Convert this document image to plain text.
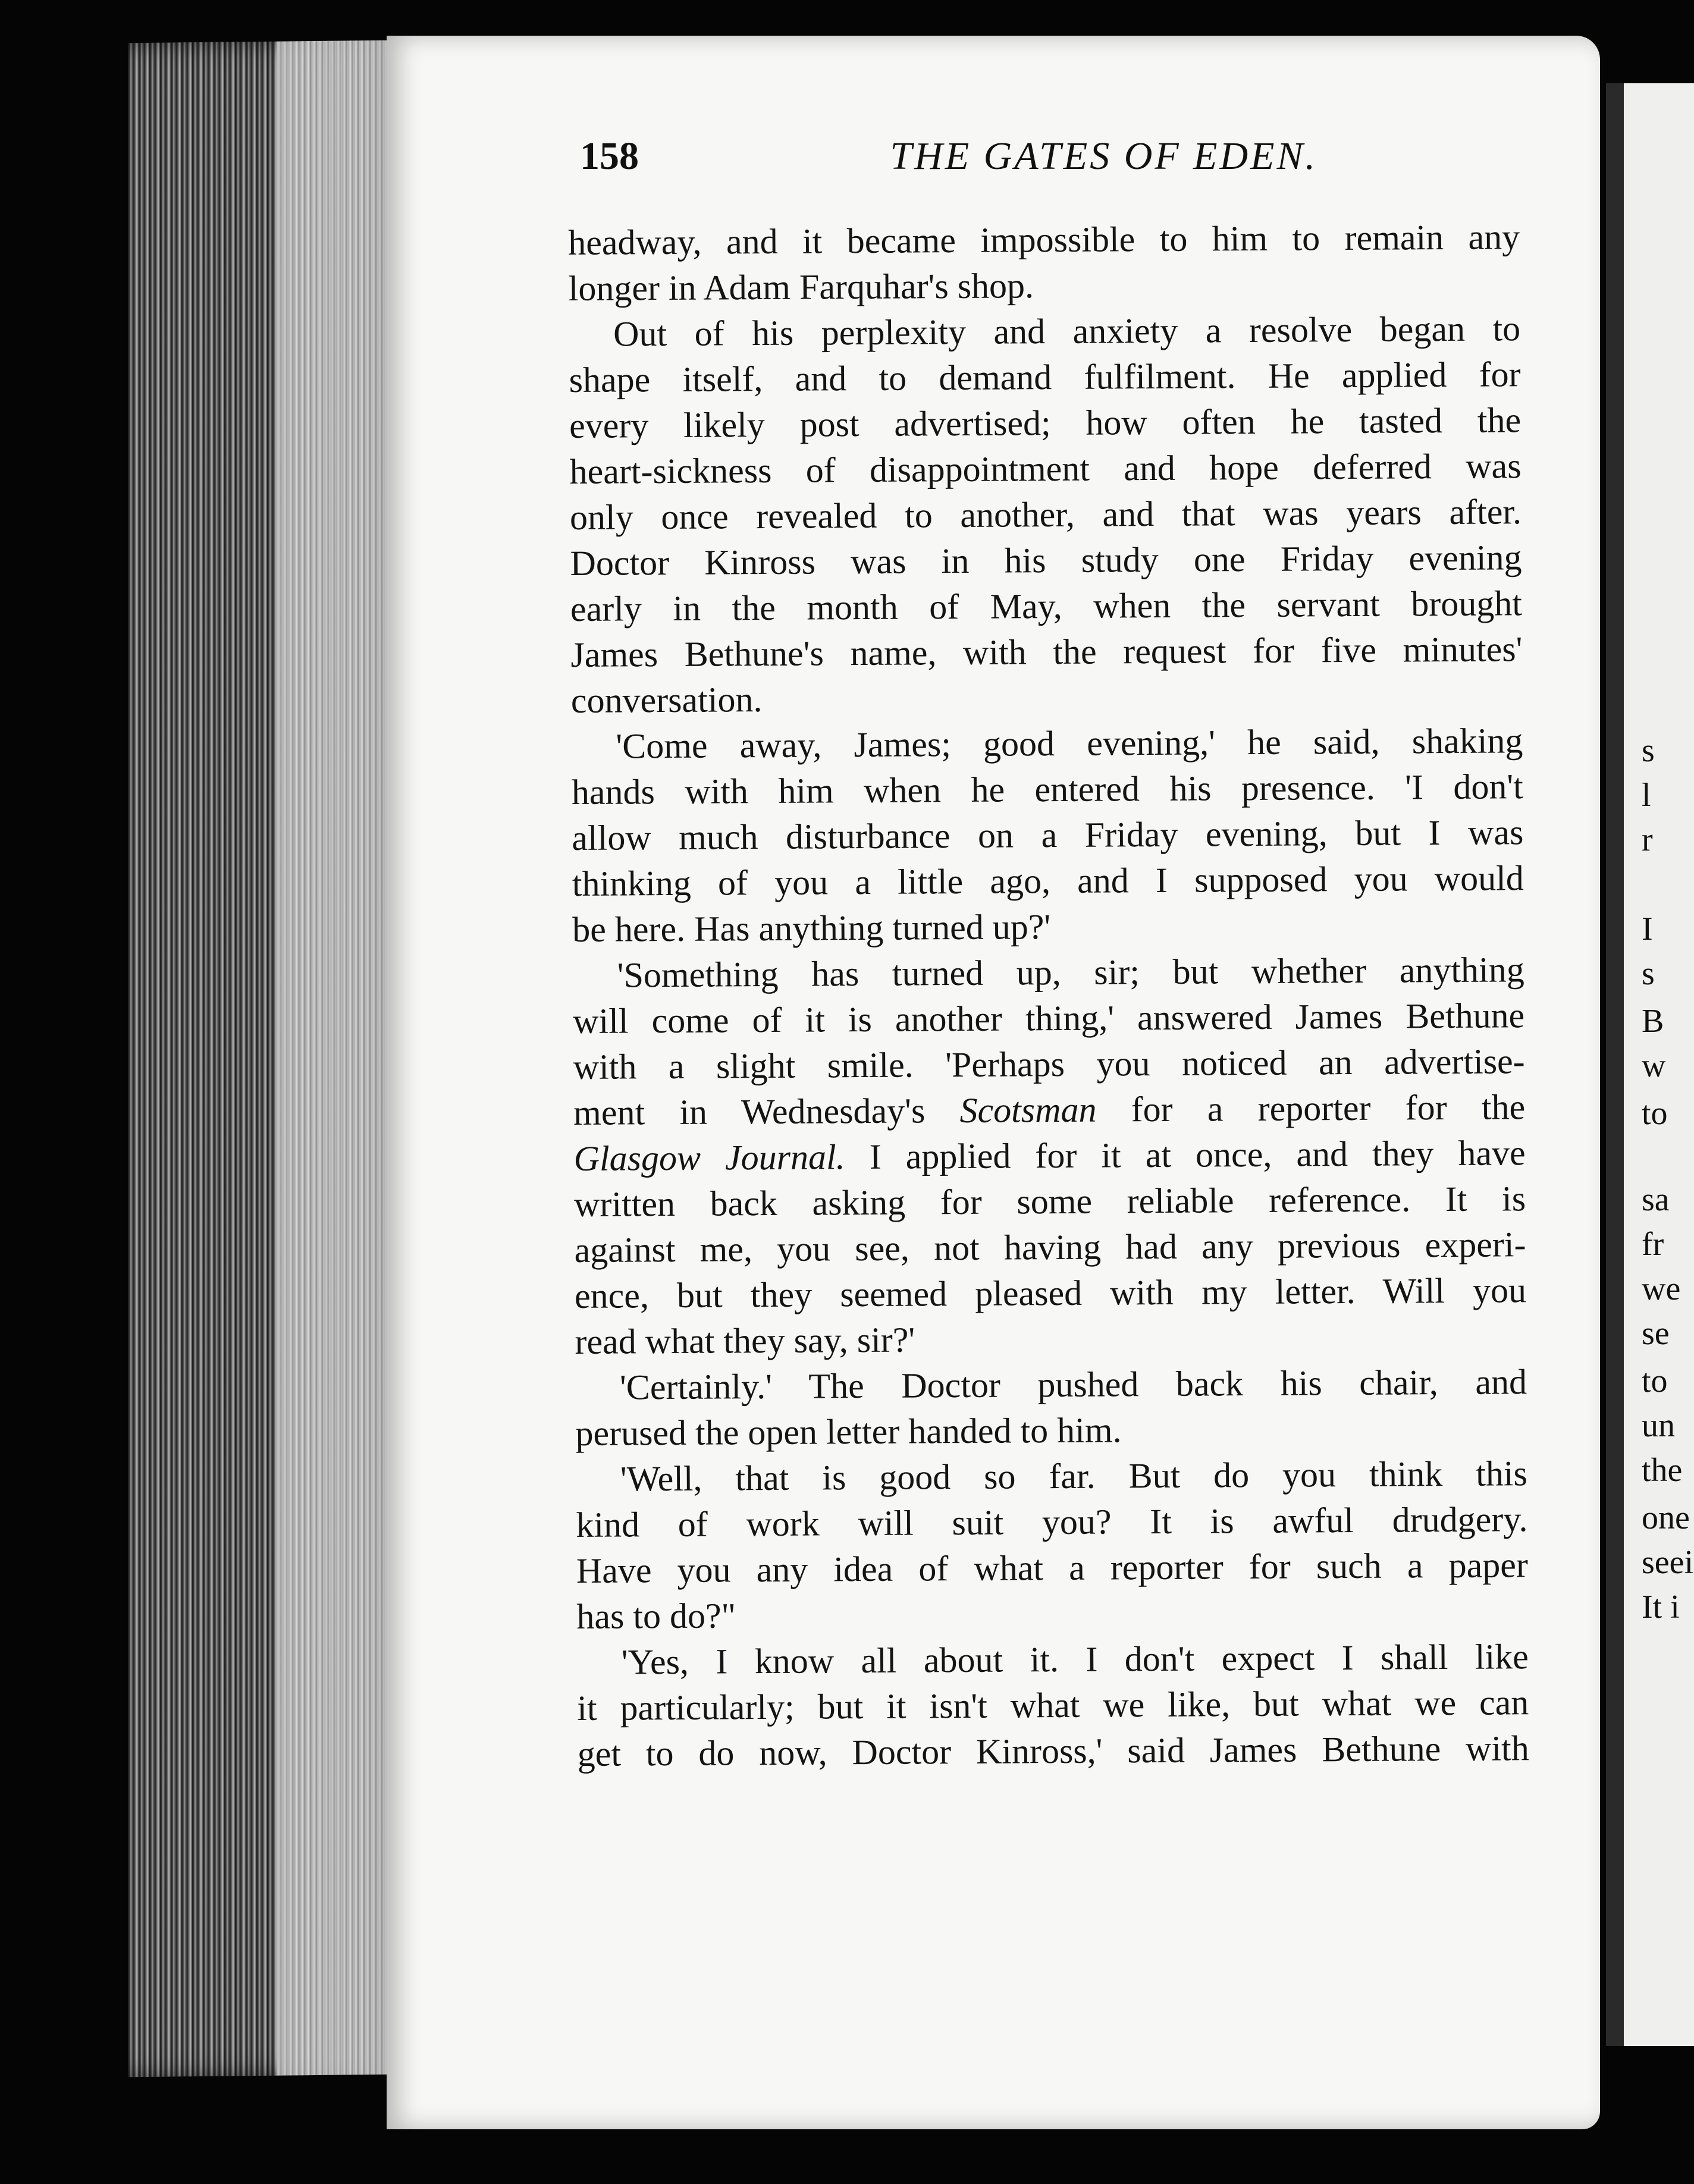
158	THE GATES OF EDEN.
headway, and it became impossible to him to remain any
longer in Adam Farquhar's shop.
Out of his perplexity and anxiety a resolve began to
shape itself, and to demand fulfilment. He applied for
every likely post advertised; how often he tasted the
heart-sickness of disappointment and hope deferred was
only once revealed to another, and that was years after.
Doctor Kinross was in his study one Friday evening
early in the month of May, when the servant brought
James Bethune's name, with the request for five minutes'
conversation.
'Come away, James; good evening,' he said, shaking
hands with him when he entered his presence. 'I don't
allow much disturbance on a Friday evening, but I was
thinking of you a little ago, and I supposed you would
be here. Has anything turned up?'
'Something has turned up, sir; but whether anything
will come of it is another thing,' answered James Bethune
with a slight smile. 'Perhaps you noticed an advertise-
ment in Wednesday's Scotsman for a reporter for the
Glasgow Journal. I applied for it at once, and they have
written back asking for some reliable reference. It is
against me, you see, not having had any previous experi-
ence, but they seemed pleased with my letter. Will you
read what they say, sir?'
'Certainly.' The Doctor pushed back his chair, and
perused the open letter handed to him.
'Well, that is good so far. But do you think this
kind of work will suit you? It is awful drudgery.
Have you any idea of what a reporter for such a paper
has to do?"
'Yes, I know all about it. I don't expect I shall like
it particularly; but it isn't what we like, but what we can
get to do now, Doctor Kinross,' said James Bethune with
s
l
r
I
s
B
w
to
sa
fr
we
se
to
un
the
one
seei
It i
